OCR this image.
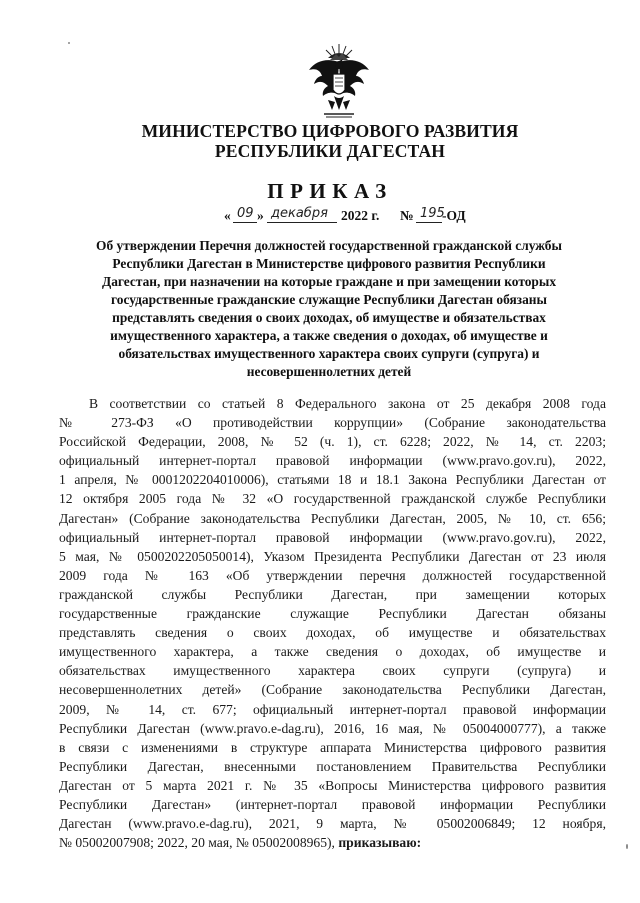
МИНИСТЕРСТВО ЦИФРОВОГО РАЗВИТИЯ
РЕСПУБЛИКИ ДАГЕСТАН
ПРИКАЗ
« 09 » декабря 2022 г. № 195
-ОД
Об утверждении Перечня должностей государственной гражданской службы
Республики Дагестан в Министерстве цифрового развития Республики
Дагестан, при назначении на которые граждане и при замещении которых
государственные гражданские служащие Республики Дагестан обязаны
представлять сведения о своих доходах, об имуществе и обязательствах
имущественного характера, а также сведения о доходах, об имуществе и
обязательствах имущественного характера своих супруги (супруга) и
несовершеннолетних детей
В соответствии со статьей 8 Федерального закона от 25 декабря 2008 года
№ 273-ФЗ «О противодействии коррупции» (Собрание законодательства
Российской Федерации, 2008, № 52 (ч. 1), ст. 6228; 2022, № 14, ст. 2203;
официальный интернет-портал правовой информации (www.pravo.gov.ru), 2022,
1 апреля, № 0001202204010006), статьями 18 и 18.1 Закона Республики Дагестан от
12 октября 2005 года № 32 «О государственной гражданской службе Республики
Дагестан» (Собрание законодательства Республики Дагестан, 2005, № 10, ст. 656;
официальный интернет-портал правовой информации (www.pravo.gov.ru), 2022,
5 мая, № 0500202205050014), Указом Президента Республики Дагестан от 23 июля
2009 года № 163 «Об утверждении перечня должностей государственной
гражданской службы Республики Дагестан, при замещении которых
государственные гражданские служащие Республики Дагестан обязаны
представлять сведения о своих доходах, об имуществе и обязательствах
имущественного характера, а также сведения о доходах, об имуществе и
обязательствах имущественного характера своих супруги (супруга) и
несовершеннолетних детей» (Собрание законодательства Республики Дагестан,
2009, № 14, ст. 677; официальный интернет-портал правовой информации
Республики Дагестан (www.pravo.e-dag.ru), 2016, 16 мая, № 05004000777), а также
в связи с изменениями в структуре аппарата Министерства цифрового развития
Республики Дагестан, внесенными постановлением Правительства Республики
Дагестан от 5 марта 2021 г. № 35 «Вопросы Министерства цифрового развития
Республики Дагестан» (интернет-портал правовой информации Республики
Дагестан (www.pravo.e-dag.ru), 2021, 9 марта, № 05002006849; 12 ноября,
№ 05002007908; 2022, 20 мая, № 05002008965), приказываю:
